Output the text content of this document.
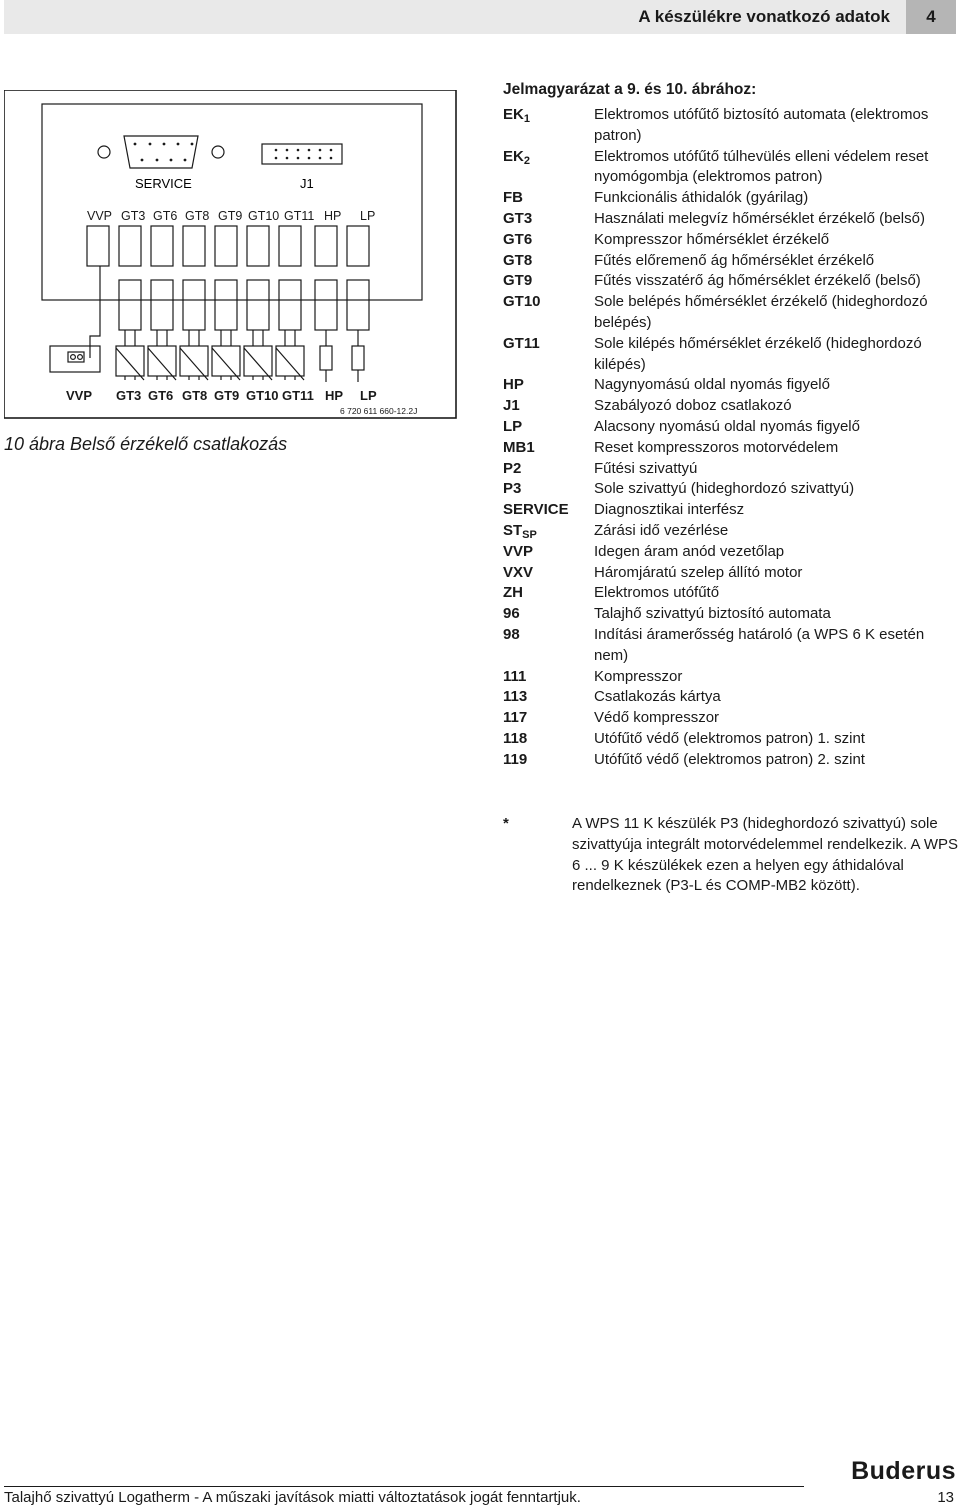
A készülékre vonatkozó adatok	4
SERVICE	J1
VVP GT3 GT6 GT8 GT9 GT10 GT11 HP LP
VVP GT3 GT6 GT8 GT9 GT10 GT11 HP LP
6 720 611 660-12.2J
10 ábra Belső érzékelő csatlakozás
Jelmagyarázat a 9. és 10. ábrához:
$EK_1$	Elektromos utófűtő biztosító automata (elektromos patron)
$EK_2$	Elektromos utófűtő túlhevülés elleni védelem reset nyomógombja (elektromos patron)
FB	Funkcionális áthidalók (gyárilag)
GT3	Használati melegvíz hőmérséklet érzékelő (belső)
GT6	Kompresszor hőmérséklet érzékelő
GT8	Fűtés előremenő ág hőmérséklet érzékelő
GT9	Fűtés visszatérő ág hőmérséklet érzékelő (belső)
GT10	Sole belépés hőmérséklet érzékelő (hideghordozó belépés)
GT11	Sole kilépés hőmérséklet érzékelő (hideghordozó kilépés)
HP	Nagynyomású oldal nyomás figyelő
J1	Szabályozó doboz csatlakozó
LP	Alacsony nyomású oldal nyomás figyelő
MB1	Reset kompresszoros motorvédelem
P2	Fűtési szivattyú
P3	Sole szivattyú (hideghordozó szivattyú)
SERVICE Diagnosztikai interfész
$ST_{SP}$	Zárási idő vezérlése
VVP	Idegen áram anód vezetőlap
VXV	Háromjáratú szelep állító motor
ZH	Elektromos utófűtő
96	Talajhő szivattyú biztosító automata
98	Indítási áramerősség határoló (a WPS 6 K esetén nem)
111	Kompresszor
113	Csatlakozás kártya
117	Védő kompresszor
118	Utófűtő védő (elektromos patron) 1. szint
119	Utófűtő védő (elektromos patron) 2. szint
*	A WPS 11 K készülék P3 (hideghordozó szivattyú) sole szivattyúja integrált motorvédelemmel rendelkezik. A WPS 6 ... 9 K készülékek ezen a helyen egy áthidalóval rendelkeznek (P3-L és COMP-MB2 között).
Buderus
Talajhő szivattyú Logatherm - A műszaki javítások miatti változtatások jogát fenntartjuk.	13
